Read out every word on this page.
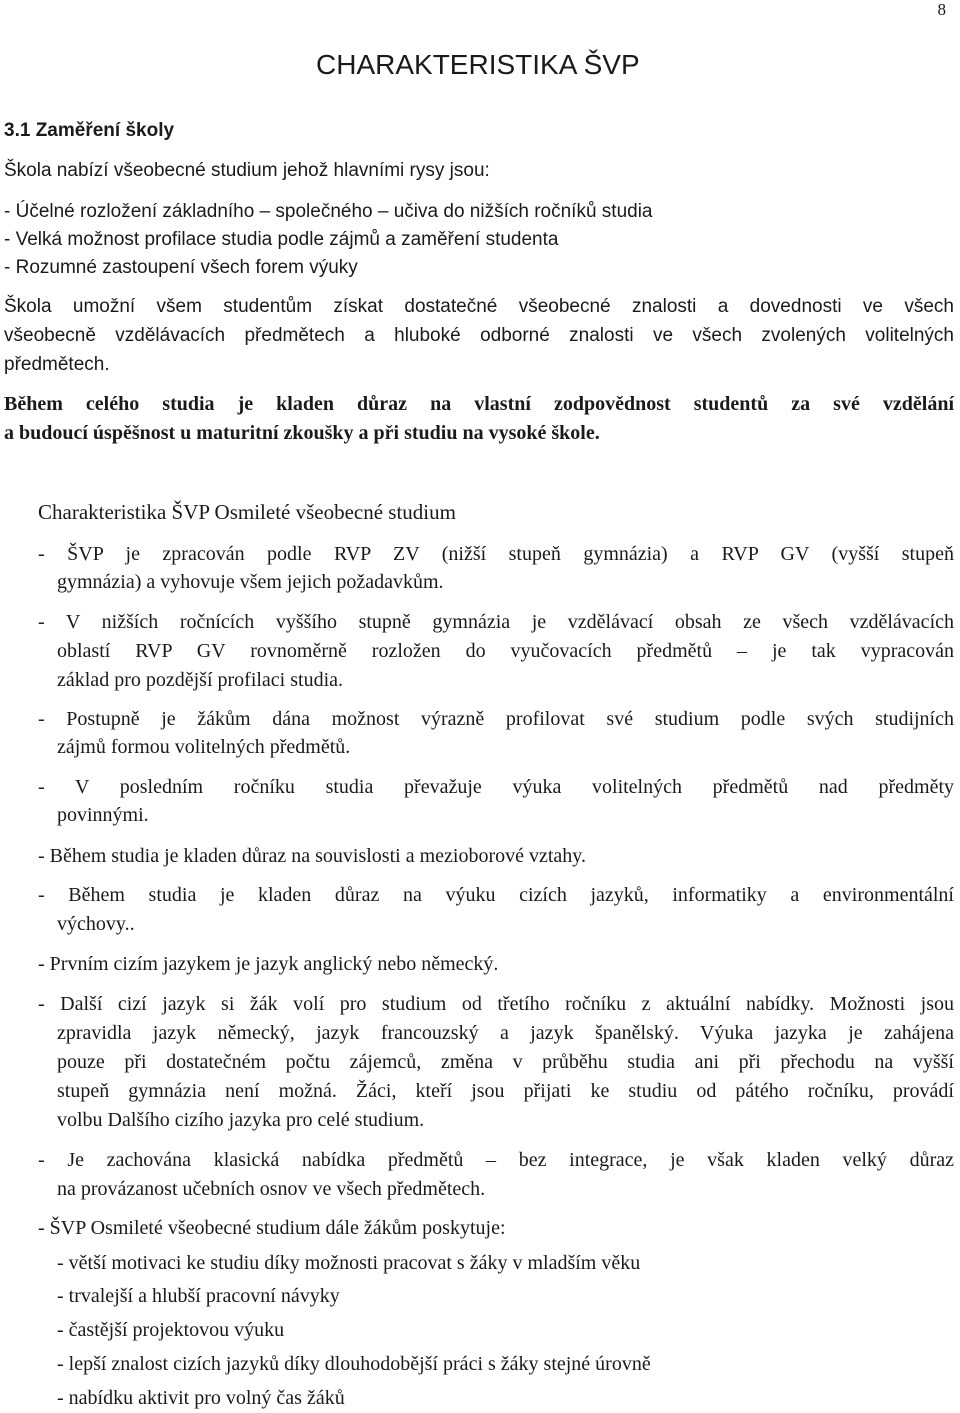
8
CHARAKTERISTIKA ŠVP
3.1 Zaměření školy
Škola nabízí všeobecné studium jehož hlavními rysy jsou:
- Účelné rozložení základního – společného – učiva do nižších ročníků studia
- Velká možnost profilace studia podle zájmů a zaměření studenta
- Rozumné zastoupení všech forem výuky
Škola umožní všem studentům získat dostatečné všeobecné znalosti a dovednosti ve všech
všeobecně vzdělávacích předmětech a hluboké odborné znalosti ve všech zvolených volitelných
předmětech.
Během celého studia je kladen důraz na vlastní zodpovědnost studentů za své vzdělání
a budoucí úspěšnost u maturitní zkoušky a při studiu na vysoké škole.
Charakteristika ŠVP Osmileté všeobecné studium
- ŠVP je zpracován podle RVP ZV (nižší stupeň gymnázia) a RVP GV (vyšší stupeň
gymnázia) a vyhovuje všem jejich požadavkům.
- V nižších ročnících vyššího stupně gymnázia je vzdělávací obsah ze všech vzdělávacích
oblastí RVP GV rovnoměrně rozložen do vyučovacích předmětů – je tak vypracován
základ pro pozdější profilaci studia.
- Postupně je žákům dána možnost výrazně profilovat své studium podle svých studijních
zájmů formou volitelných předmětů.
- V posledním ročníku studia převažuje výuka volitelných předmětů nad předměty
povinnými.
- Během studia je kladen důraz na souvislosti a mezioborové vztahy.
- Během studia je kladen důraz na výuku cizích jazyků, informatiky a environmentální
výchovy..
- Prvním cizím jazykem je jazyk anglický nebo německý.
- Další cizí jazyk si žák volí pro studium od třetího ročníku z aktuální nabídky. Možnosti jsou
zpravidla jazyk německý, jazyk francouzský a jazyk španělský. Výuka jazyka je zahájena
pouze při dostatečném počtu zájemců, změna v průběhu studia ani při přechodu na vyšší
stupeň gymnázia není možná. Žáci, kteří jsou přijati ke studiu od pátého ročníku, provádí
volbu Dalšího cizího jazyka pro celé studium.
- Je zachována klasická nabídka předmětů – bez integrace, je však kladen velký důraz
na provázanost učebních osnov ve všech předmětech.
- ŠVP Osmileté všeobecné studium dále žákům poskytuje:
- větší motivaci ke studiu díky možnosti pracovat s žáky v mladším věku
- trvalejší a hlubší pracovní návyky
- častější projektovou výuku
- lepší znalost cizích jazyků díky dlouhodobější práci s žáky stejné úrovně
- nabídku aktivit pro volný čas žáků
